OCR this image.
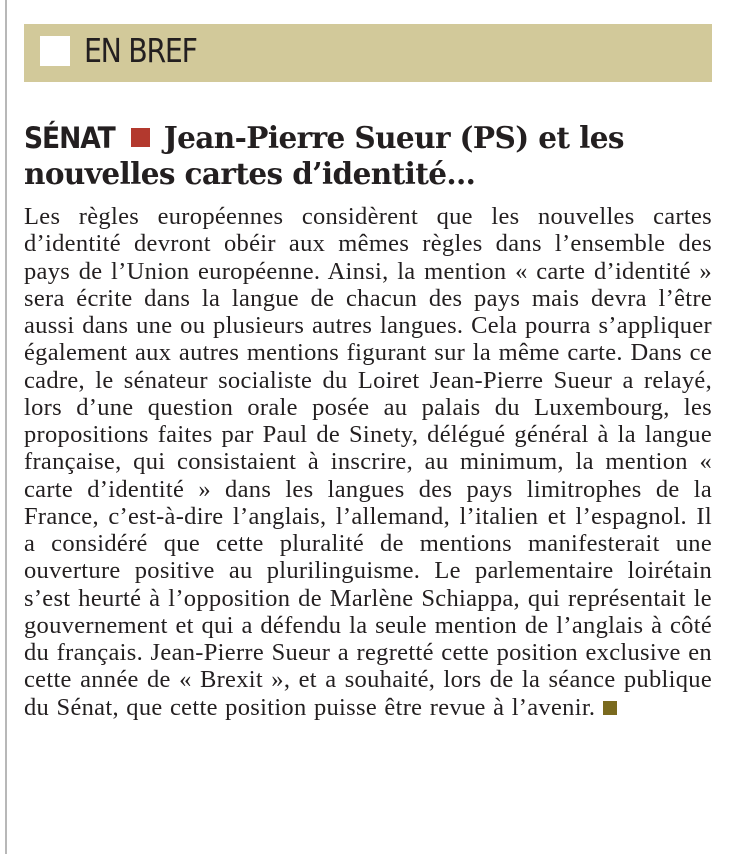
EN BREF
SÉNAT Jean-Pierre Sueur (PS) et les nouvelles cartes d’identité…
Les règles européennes considèrent que les nouvelles cartes d’identité devront obéir aux mêmes règles dans l’ensemble des pays de l’Union européenne. Ainsi, la mention « carte d’identité » sera écrite dans la langue de chacun des pays mais devra l’être aussi dans une ou plusieurs autres langues. Cela pourra s’appliquer également aux autres mentions figurant sur la même carte. Dans ce cadre, le sénateur socialiste du Loiret Jean-Pierre Sueur a relayé, lors d’une question orale posée au palais du Luxembourg, les propositions faites par Paul de Sinety, délégué général à la langue française, qui consistaient à inscrire, au minimum, la mention « carte d’identité » dans les langues des pays limitrophes de la France, c’est-à-dire l’anglais, l’allemand, l’italien et l’espagnol. Il a considéré que cette pluralité de mentions manifesterait une ouverture positive au plurilinguisme. Le parlementaire loirétain s’est heurté à l’opposition de Marlène Schiappa, qui représentait le gouvernement et qui a défendu la seule mention de l’anglais à côté du français. Jean-Pierre Sueur a regretté cette position exclusive en cette année de « Brexit », et a souhaité, lors de la séance publique du Sénat, que cette position puisse être revue à l’avenir.
